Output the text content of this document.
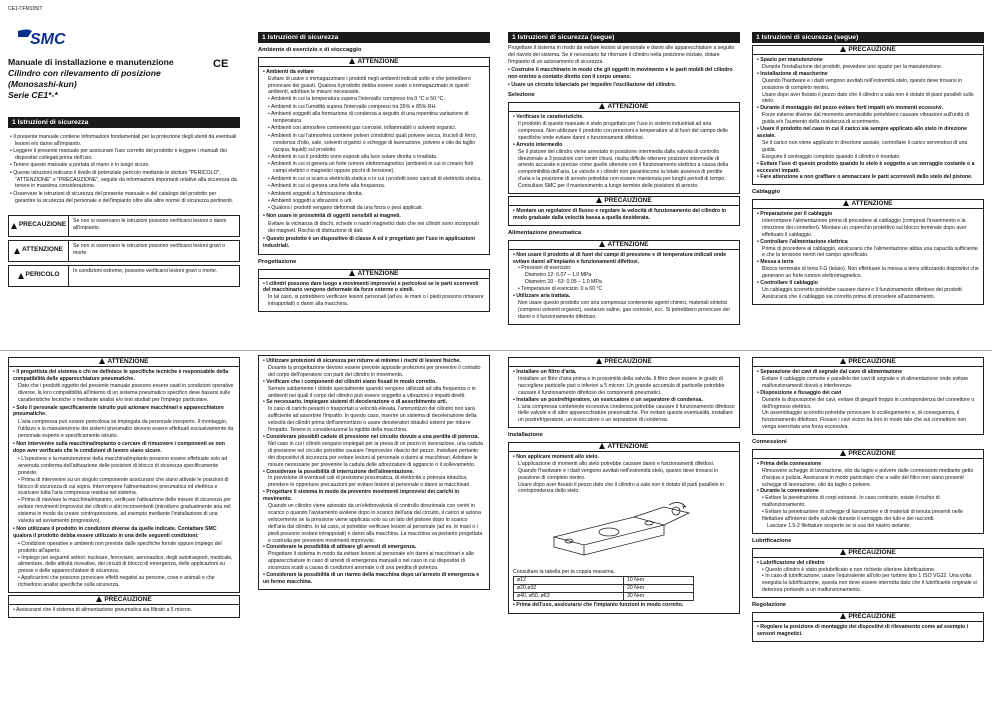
CE1-TFM105IT
SMC
Manuale di installazione e manutenzione
Cilindro con rilevamento di posizione
(Monosashi-kun)
Serie CE1*-*
CE
1 Istruzioni di sicurezza
• Il presente manuale contiene informazioni fondamentali per la protezione degli utenti da eventuali lesioni e/o danni all'impianto.
• Leggere il presente manuale per assicurare l'uso corretto del prodotto e leggere i manuali dei dispositivi collegati prima dell'uso.
• Tenere questo manuale a portata di mano e in luogo sicuro.
• Queste istruzioni indicano il livello di potenziale pericolo mediante le diciture "PERICOLO", "ATTENZIONE" o "PRECAUZIONE", seguite da informazioni importanti relative alla sicurezza da tenere in massima considerazione.
• Osservare le istruzioni di sicurezza del presente manuale e del catalogo del prodotto per garantire la sicurezza del personale e dell'impianto oltre alle altre norme di sicurezza pertinenti.
PRECAUZIONE
Se non si osservano le istruzioni possono verificarsi lesioni o danni all'impianto.
ATTENZIONE
Se non si osservano le istruzioni possono verificarsi lesioni gravi o morte.
PERICOLO
In condizioni estreme, possono verificarsi lesioni gravi o morte.
1 Istruzioni di sicurezza
Ambiente di esercizio e di stoccaggio
ATTENZIONE
• Ambienti da evitare
Evitare di usare o immagazzinare i prodotti negli ambienti indicati sotto e che potrebbero provocare dei guasti. Qualora il prodotto debba essere usato o immagazzinato in questi ambienti, adottare le misure necessarie.
• Ambienti in cui la temperatura supera l'intervallo compreso tra 0 °C e 50 °C.
• Ambienti in cui l'umidità supera l'intervallo compreso tra 35% e 85% RH.
• Ambienti soggetti alla formazione di condensa a seguito di una repentina variazione di temperatura.
• Ambienti con atmosfere contenenti gas corrosivi, infiammabili o solventi organici.
• Ambienti in cui l'atmosfera contiene polveri conduttrici quali polvere secca, trucioli di ferro, condensa d'olio, sale, solventi organici o schegge di lavorazione, polvere e olio da taglio (acqua, liquidi) sul prodotto.
• Ambienti in cui il prodotto sono esposti alla luce solare diretta o irradiata.
• Ambienti in cui si genera un forte rumore elettromagnetico (ambienti in cui si creano forti campi elettrici o magnetici oppure picchi di tensione).
• Ambienti in cui si scarica elettricità statica o in cui i prodotti sono caricati di elettricità statica.
• Ambienti in cui si genera una forte alta frequenza.
• Ambienti soggetti a fulminazione diretta.
• Ambienti soggetti a vibrazioni o urti.
• Qualora i prodotti vengano deformati da una forza o pesi applicati.
• Non usare in prossimità di oggetti sensibili ai magneti.
Evitare la vicinanza di dischi, schede o nastri magnetici dato che nei cilindri sono incorporati dei magneti. Rischio di distruzione di dati.
• Questo prodotto è un dispositivo di classe A ed è progettato per l'uso in applicazioni industriali.
Progettazione
ATTENZIONE
• I cilindri possono dare luogo a movimenti improvvisi e pericolosi se le parti scorrevoli del macchinario vengono deformate da forze esterne o simili.
In tal caso, si potrebbero verificare lesioni personali (ad es. le mani o i piedi possono rimanere intrappolati) o danni alla macchina.
1 Istruzioni di sicurezza (segue)
Progettare il sistema in modo da evitare lesioni al personale e danni alle apparecchiature a seguito del riavvio del sistema. Se è necessario far ritornare il cilindro nella posizione iniziale, dotare l'impianto di un azionamento di sicurezza.
• Costruire il macchinario in modo che gli oggetti in movimento e le parti mobili del cilindro non entrino a contatto diretto con il corpo umano.
• Usare un circuito bilanciato per impedire l'oscillazione del cilindro.
Selezione
ATTENZIONE
• Verificare le caratteristiche.
Il prodotto di questo manuale è stato progettato per l'uso in sistemi industriali ad aria compressa. Non utilizzare il prodotto con pressioni e temperature al di fuori del campo delle specifiche onde evitare danni o funzionamenti difettosi.
• Arresto intermedio
Se il pistone del cilindro viene arrestato in posizione intermedia dalla valvola di controllo direzionale a 3 posizioni con centri chiusi, risulta difficile ottenere posizioni intermedie di arresto accurate e precise come quelle ottenute con il funzionamento elettrico a causa della comprimibilità dell'aria. Le valvole e i cilindri non garantiscono la totale assenza di perdite d'aria e la posizione di arresto potrebbe non essere mantenuta per lunghi periodi di tempo. Consultare SMC per il mantenimento a lungo termine delle posizioni di arresto.
PRECAUZIONE
• Montare un regolatore di flusso e regolare la velocità di funzionamento del cilindro in modo graduale dalla velocità bassa a quella desiderata.
Alimentazione pneumatica
ATTENZIONE
• Non usare il prodotto al di fuori dei campi di pressione e di temperatura indicati onde evitare danni all'impianto e funzionamenti difettosi.
• Pressioni di esercizio:
Diametro 12: 0.07 – 1.0 MPa
Diametro 20 - 63: 0.05 – 1.0 MPa
• Temperature di esercizio: 0 a 60 °C
• Utilizzare aria trattata.
Non usare questo prodotto con aria compressa contenente agenti chimici, materiali sintetici (compresi solventi organici), sostanze saline, gas corrosivi, ecc. Si potrebbero provocare dei danni o il funzionamento difettoso.
1 Istruzioni di sicurezza (segue)
PRECAUZIONE
• Spazio per manutenzione
Durante l'installazione dei prodotti, prevedere uno spazio per la manutenzione.
• Installazione di mascherine
Quando l'hardware e i dadi vengono avvitati nell'estremità stelo, questo deve trovarsi in posizione di completo rientro.
Usare dopo aver fissato il pezzo dato che il cilindro a sala non è dotato di piani paralleli sullo stelo.
• Durante il montaggio del pezzo evitare forti impatti e/o momenti eccessivi.
Forze esterne diverse dal momento ammissibile potrebbero causare vibrazioni sull'unità di guida e/o l'aumento della resistenza di scorrimento.
• Usare il prodotto nel caso in cui il carico sia sempre applicato allo stelo in direzione assiale.
Se il carico non viene applicato in direzione assiale, controllare il carico servendosi di una guida.
Eseguire il centraggio completo quando il cilindro è montato.
• Evitare l'uso di questo prodotto quando lo stelo è soggetto a un serraggio costante o a eccessivi impatti.
• Fare attenzione a non graffiare o ammaccare le parti scorrevoli dello stelo del pistone.
Cablaggio
ATTENZIONE
• Preparazione per il cablaggio
Interrompere l'alimentazione prima di procedere al cablaggio (compresi l'inserimento e la rimozione dei connettori). Montare un coperchio protettivo sul blocco terminale dopo aver effettuato il cablaggio.
• Controllare l'alimentazione elettrica
Prima di procedere al cablaggio, assicurarsi che l'alimentazione abbia una capacità sufficiente e che la tensione rientri nel campo specificato.
• Messa a terra
Blocco terminale di terra F.G (telaio). Non effettuare la messa a terra utilizzando dispositivi che generano un forte rumore elettromagnetico.
• Controllare il cablaggio
Un cablaggio scorretto potrebbe causare danni o il funzionamento difettoso dei prodotti. Assicurarsi che il cablaggio sia corretto prima di procedere all'azionamento.
ATTENZIONE
• Il progettista del sistema o chi ne definisce le specifiche tecniche è responsabile della compatibilità delle apparecchiature pneumatiche.
Dato che i prodotti oggetto del presente manuale possono essere usati in condizioni operative diverse, la loro compatibilità all'interno di un sistema pneumatico specifico deve basarsi sulle caratteristiche tecniche o mediante analisi e/o test studiati per l'impiego particolare.
• Solo il personale specificamente istruito può azionare macchinari e apparecchiature pneumatiche.
L'aria compressa può essere pericolosa se impiegata da personale inesperto. Il montaggio, l'utilizzo e la manutenzione dei sistemi pneumatici devono essere effettuati esclusivamente da personale esperto e specificamente istruito.
• Non intervenire sulla macchina/impianto o cercare di rimuovere i componenti se non dopo aver verificato che le condizioni di lavoro siano sicure.
• L'ispezione e la manutenzione della macchina/impianto possono essere effettuate solo ad avvenuta conferma dell'attivazione delle posizioni di blocco di sicurezza specificamente previste.
• Prima di intervenire su un singolo componente assicurarsi che siano attivate le posizioni di blocco di sicurezza di cui sopra. Interrompere l'alimentazione pneumatica ed elettrica e scaricare tutta l'aria compressa residua nel sistema.
• Prima di riavviare la macchina/impianto, verificare l'attivazione delle misure di sicurezza per evitare movimenti improvvisi dei cilindri o altri inconvenienti (introdurre gradualmente aria nel sistema in modo da creare contropressione, ad esempio mediante l'installazione di una valvola ad avviamento progressivo).
• Non utilizzare il prodotto in condizioni diverse da quelle indicate. Contattare SMC qualora il prodotto debba essere utilizzato in una delle seguenti condizioni:
• Condizioni operative e ambienti non previste dalle specifiche fornite oppure impiego del prodotto all'aperto.
• Impiego nei seguenti settori: nucleare, ferroviario, aeronautico, degli autotrasporti, medicale, alimentare, delle attività ricreative, dei circuiti di blocco di emergenza, delle applicazioni su presse o delle apparecchiature di sicurezza.
• Applicazioni che possono provocare effetti negativi su persone, cose o animali e che richiedono analisi specifiche sulla sicurezza.
PRECAUZIONE
• Assicurarsi che il sistema di alimentazione pneumatica sia filtrato a 5 micron.
• Utilizzare protezioni di sicurezza per ridurre al minimo i rischi di lesioni fisiche.
Durante la progettazione devono essere previste apposite protezioni per prevenire il contatto del corpo dell'operatore con parti del cilindro in movimento.
• Verificare che i componenti del cilindri siano fissati in modo corretto.
Serrare saldamente i cilindri specialmente quando vengono utilizzati ad alta frequenza o in ambienti nei quali il corpo del cilindro può essere soggetto a vibrazioni o impatti diretti.
• Se necessario, impiegare sistemi di decelerazione o di assorbimento urti.
In caso di carichi pesanti o trasportati a velocità elevata, l'ammortizzo del cilindro non sarà sufficiente ad assorbire l'impatto. In questo caso, inserire un sistema di decelerazione della velocità dei cilindri prima dell'ammortizzo o usare deceleratori idraulici esterni per ridurre l'impatto. Tenere in considerazione la rigidità della macchina.
• Considerare possibili cadute di pressione nel circuito dovute a una perdita di potenza.
Nel caso in cui i cilindri vengano impiegati per la presa di un pezzo in lavorazione, una caduta di pressione nel circuito potrebbe causare l'improvviso rilascio del pezzo. Installare pertanto dei dispositivi di sicurezza per evitare lesioni al personale o danni ai macchinari. Adottare le misure necessarie per prevenire la caduta delle attrezzature di aggancio o il sollevamento.
• Considerare la possibilità di interruzione dell'alimentazione.
In previsione di eventuali cali di pressione pneumatica, di elettricità o potenza idraulica, prendere le opportune precauzioni per evitare lesioni al personale o danni ai macchinari.
• Progettare il sistema in modo da prevenire movimenti improvvisi dei carichi in movimento.
Quando un cilindro viene azionato da un'elettrovalvola di controllo direzionale con centri in scarico o quando l'avviamento avviene dopo lo scarico dell'aria dal circuito, il carico si aziona velocemente se la pressione viene applicata solo su un lato del pistone dopo lo scarico dell'aria dal cilindro. In tal caso, si potrebbe verificare lesioni al personale (ad es. le mani o i piedi possono restare intrappolati) o danni alla macchina. La macchina va pertanto progettata e costruita per prevenire movimenti improvvisi.
• Considerare la possibilità di attivare gli arresti di emergenza.
Progettare il sistema in modo da evitare lesioni al personale e/o danni ai macchinari e alle apparecchiature in caso di arresti di emergenza manuali o nel caso in cui dispositivi di sicurezza scatti a causa di condizioni anomale o di una perdita di potenza.
• Considerare la possibilità di un riarmo della macchina dopo un'arresto di emergenza e un fermo macchina.
PRECAUZIONE
• Installare un filtro d'aria.
Installare un filtro d'aria prima e in prossimità della valvola. Il filtro deve essere in grado di raccogliere particelle pari o inferiori a 5 micron. Un grande accumulo di particelle potrebbe causare il funzionamento difettoso dei componenti pneumatici.
• Installare un postrefrigeratore, un essiccatore o un separatore di condensa.
L'aria compressa contenente eccessiva condensa potrebbe causare il funzionamento difettoso delle valvole e di altre apparecchiature pneumatiche. Per evitare questa eventualità, installare un postrefrigeratore, un essiccatore o un separatore di condensa.
Installazione
ATTENZIONE
• Non applicare momenti allo stelo.
L'applicazione di momenti allo stelo potrebbe causare danni e funzionamenti difettosi.
Quando l'hardware e i dadi vengono avvitati nell'estremità stelo, questo deve trovarsi in posizione di completo rientro.
Usare dopo aver fissato il pezzo dato che il cilindro a sala non è dotato di parti parallele in corrispondenza dello stelo.
Consultare la tabella per la coppia massima.
ø12	10 N•m
ø20,ø32	20 N•m
ø40, ø50, ø63	30 N•m
• Prima dell'uso, assicurarsi che l'impianto funzioni in modo corretto.
PRECAUZIONE
• Separazione dei cavi di segnale dal cavo di alimentazione
Evitare il cablaggio comune e parallelo dei cavi di segnale e di alimentazione onde evitare malfunzionamenti dovuti a interferenze.
• Disposizione e fissaggio dei cavi
Durante la disposizione dei cavi, evitare di piegarli troppo in corrispondenza del connettore o dell'ingresso elettrico.
Un assemblaggio scorretto potrebbe provocare lo scollegamento e, di conseguenza, il funzionamento difettoso. Fissare i cavi vicino tra loro in modo tale che sul connettore non venga esercitata una forza eccessiva.
Connessioni
PRECAUZIONE
• Prima della connessione
Rimuovere schegge di lavorazione, olio da taglio e polvere dalle connessioni mediante getto d'acqua o pulizia. Assicurarsi in modo particolare che a valle del filtro non siano presenti schegge di lavorazione, olio da taglio o polvere.
• Durante la connessione
• Evitare la penetrazione di corpi estranei. In caso contrario, esiste il rischio di malfunzionamento.
• Evitare la penetrazione di schegge di lavorazione e di materiali di tenuta presenti nelle filettature all'interno delle valvole durante il serraggio dei tubi e dei raccordi.
Lasciare 1.5-2 filettature scoperte se si usa del nastro isolante.
Lubrificazione
PRECAUZIONE
• Lubrificazione del cilindro
• Questo cilindro è stato prelubrificato e non richiede ulteriore lubrificazione.
• In caso di lubrificazione, usare l'equivalente all'olio per turbine tipo 1 ISO VG32. Una volta eseguita la lubrificazione, questa non deve essere interrotta dato che il lubrificante originale si deteriora portando a un malfunzionamento.
Regolazione
PRECAUZIONE
• Regolare la posizione di montaggio dei dispositivi di rilevamento come ad esempio i sensori magnetici.
